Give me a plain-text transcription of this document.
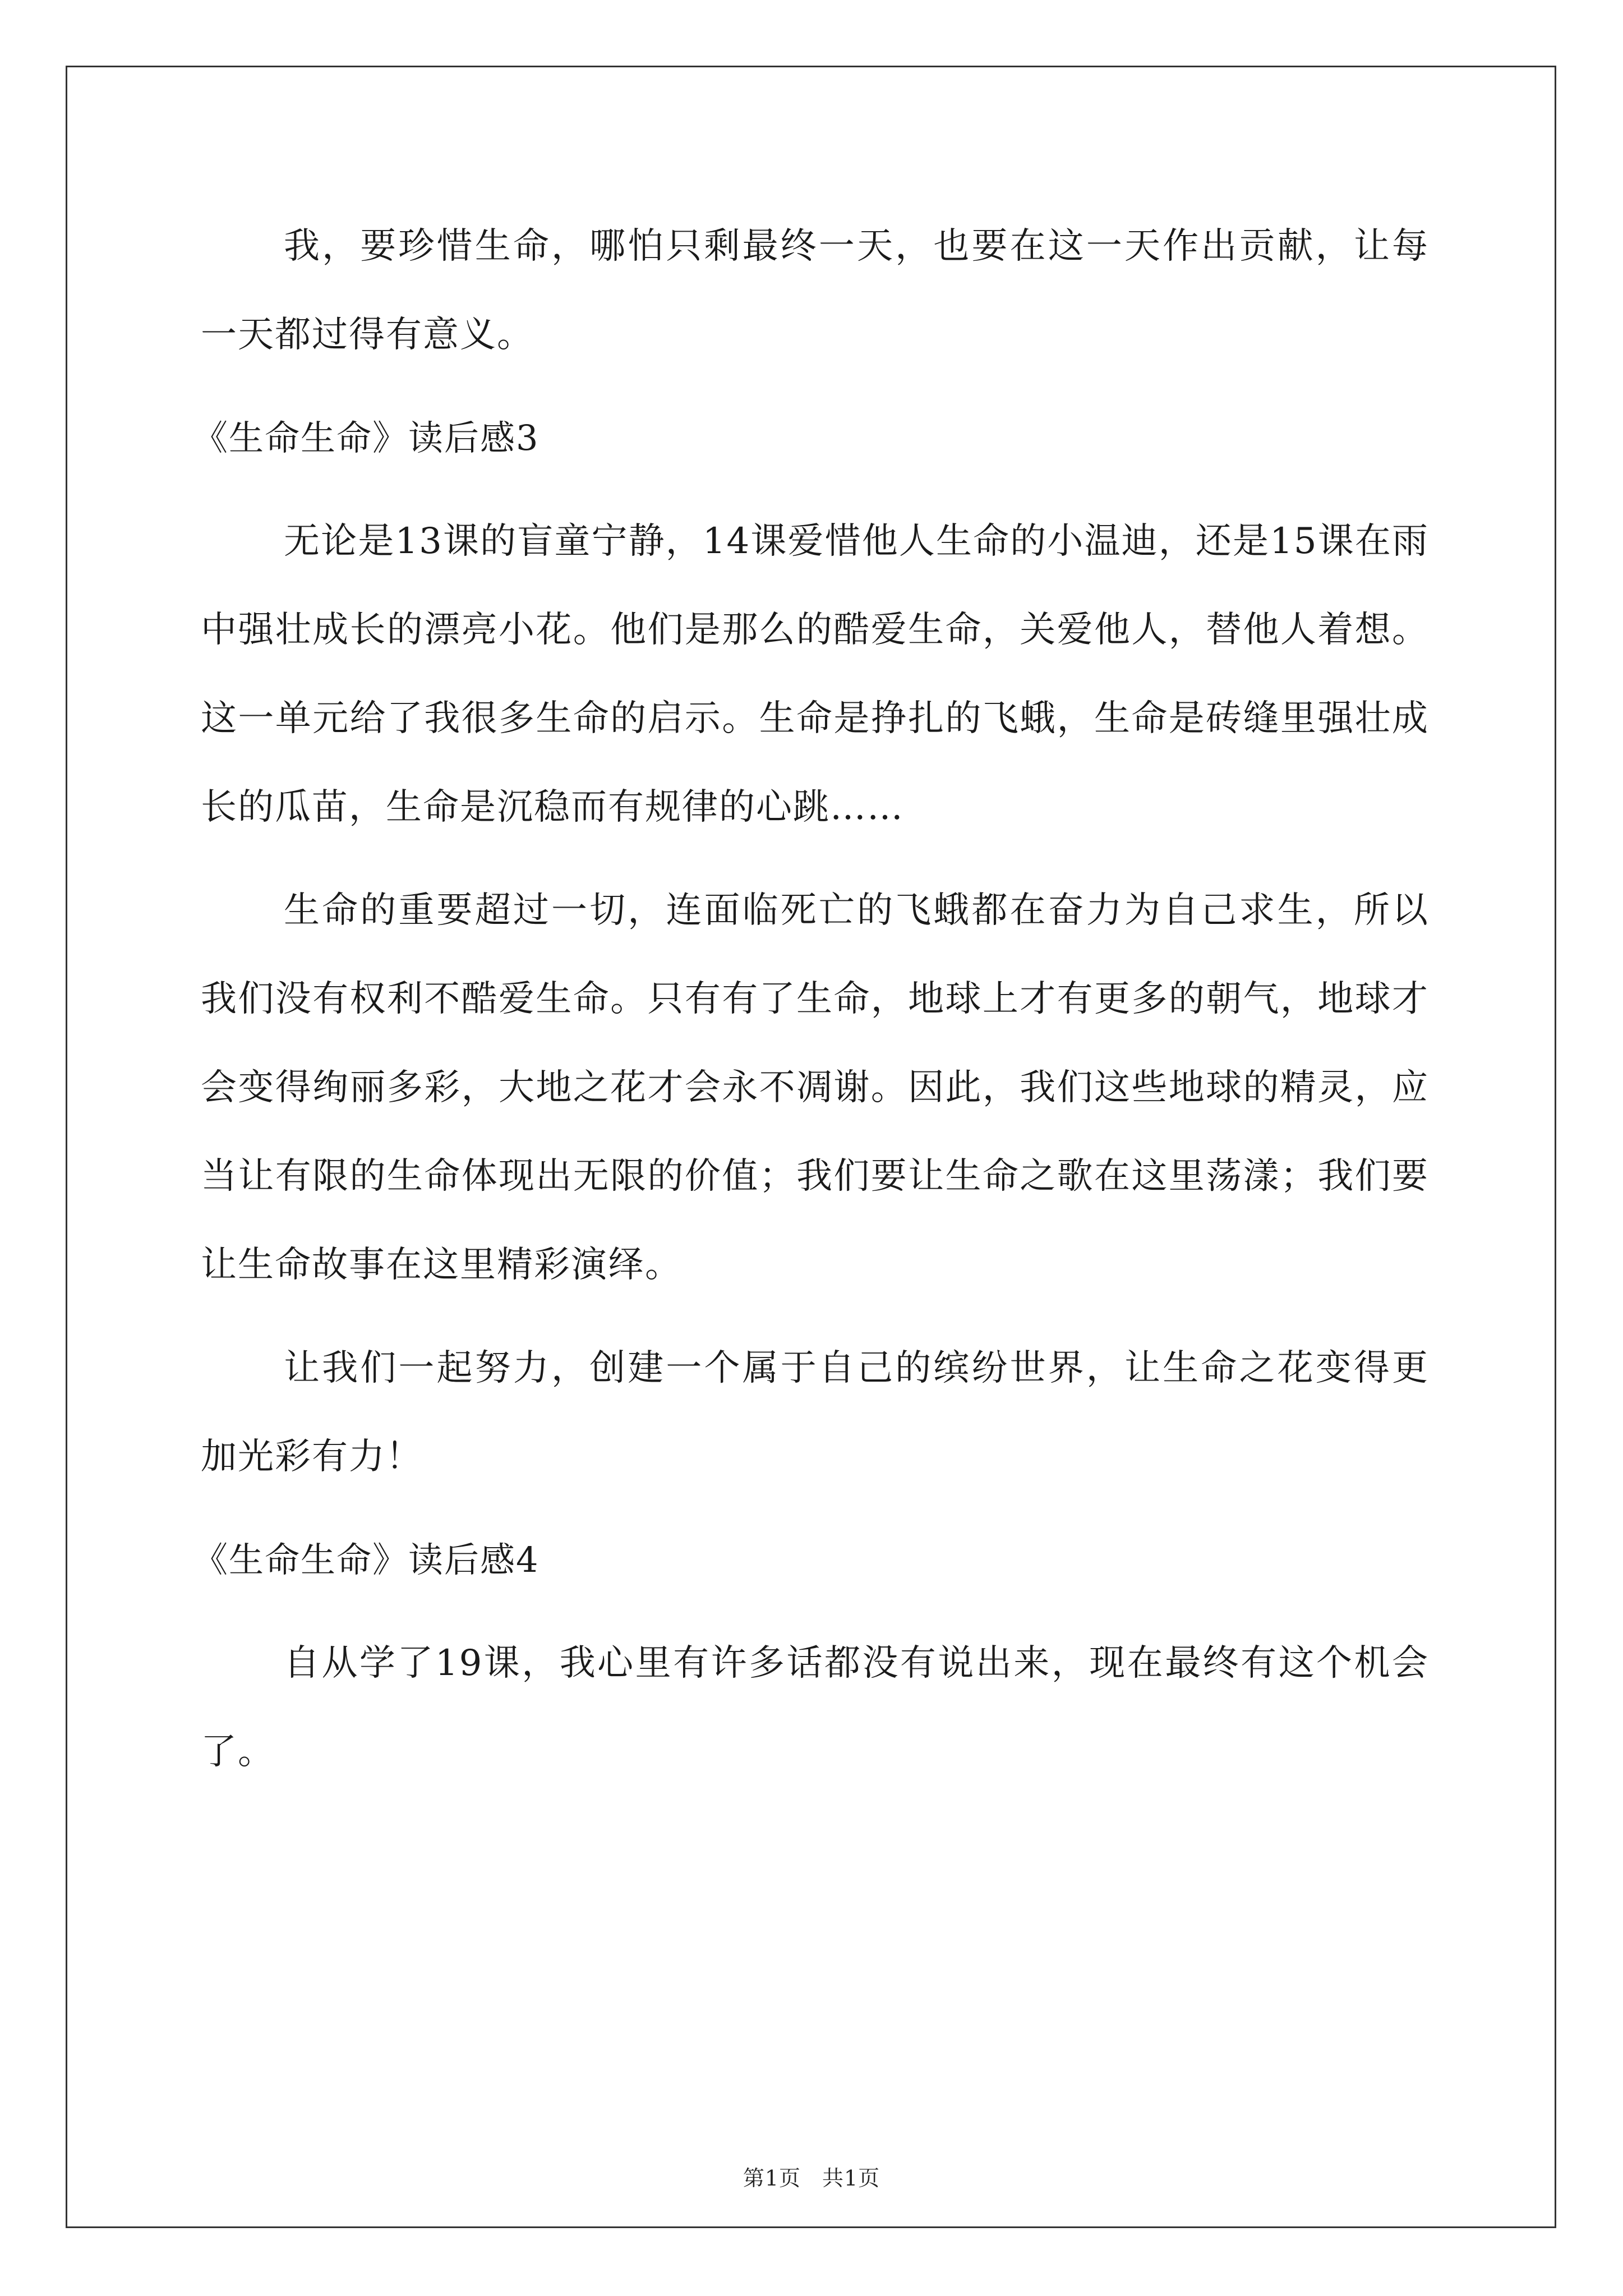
我，要珍惜生命，哪怕只剩最终一天，也要在这一天作出贡献，让每一天都过得有意义。

《生命生命》读后感3

无论是13课的盲童宁静，14课爱惜他人生命的小温迪，还是15课在雨中强壮成长的漂亮小花。他们是那么的酷爱生命，关爱他人，替他人着想。这一单元给了我很多生命的启示。生命是挣扎的飞蛾，生命是砖缝里强壮成长的瓜苗，生命是沉稳而有规律的心跳……

生命的重要超过一切，连面临死亡的飞蛾都在奋力为自己求生，所以我们没有权利不酷爱生命。只有有了生命，地球上才有更多的朝气，地球才会变得绚丽多彩，大地之花才会永不凋谢。因此，我们这些地球的精灵，应当让有限的生命体现出无限的价值；我们要让生命之歌在这里荡漾；我们要让生命故事在这里精彩演绎。

让我们一起努力，创建一个属于自己的缤纷世界，让生命之花变得更加光彩有力！

《生命生命》读后感4

自从学了19课，我心里有许多话都没有说出来，现在最终有这个机会了。

第1页 共1页
